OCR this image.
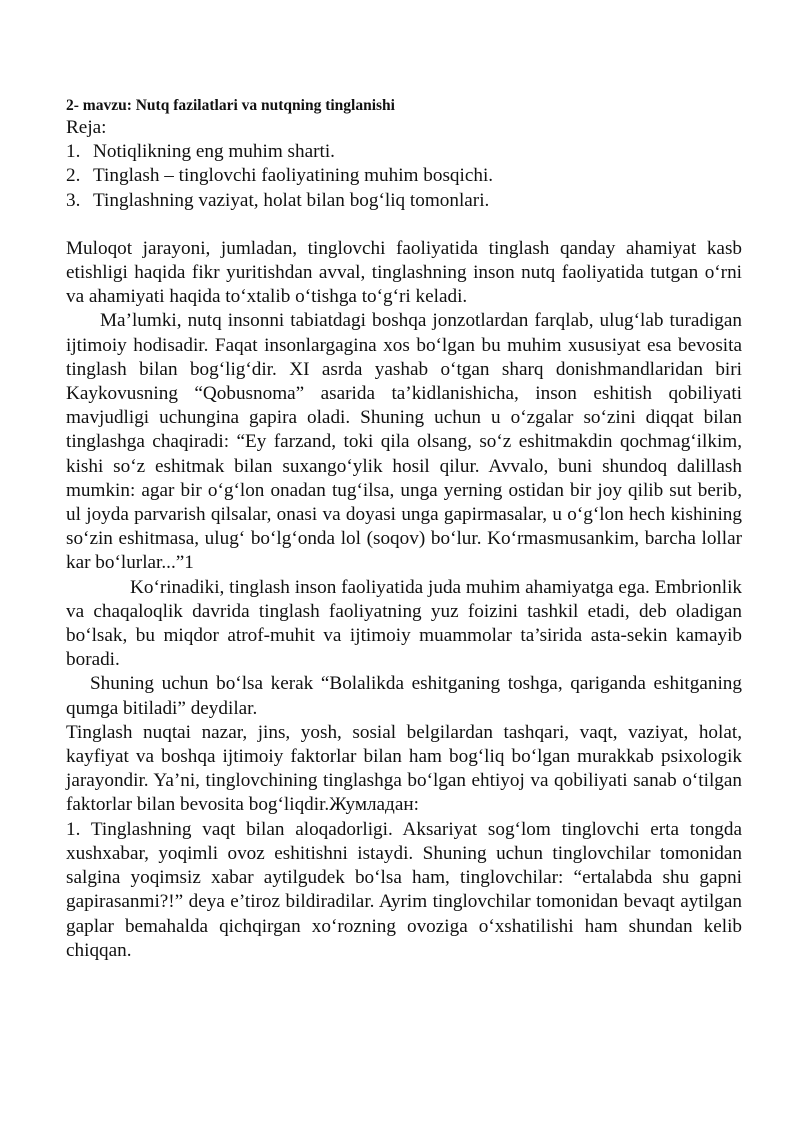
2- mavzu: Nutq fazilatlari va nutqning tinglanishi
Reja:
1. Notiqlikning eng muhim sharti.
2. Tinglash – tinglovchi faoliyatining muhim bosqichi.
3. Tinglashning vaziyat, holat bilan bog‘liq tomonlari.

Muloqot jarayoni, jumladan, tinglovchi faoliyatida tinglash qanday ahamiyat kasb etishligi haqida fikr yuritishdan avval, tinglashning inson nutq faoliyatida tutgan o‘rni va ahamiyati haqida to‘xtalib o‘tishga to‘g‘ri keladi.

Ma’lumki, nutq insonni tabiatdagi boshqa jonzotlardan farqlab, ulug‘lab turadigan ijtimoiy hodisadir. Faqat insonlargagina xos bo‘lgan bu muhim xususiyat esa bevosita tinglash bilan bog‘lig‘dir. XI asrda yashab o‘tgan sharq donishmandlaridan biri Kaykovusning “Qobusnoma” asarida ta’kidlanishicha, inson eshitish qobiliyati mavjudligi uchungina gapira oladi. Shuning uchun u o‘zgalar so‘zini diqqat bilan tinglashga chaqiradi: “Ey farzand, toki qila olsang, so‘z eshitmakdin qochmag‘ilkim, kishi so‘z eshitmak bilan suxango‘ylik hosil qilur. Avvalo, buni shundoq dalillash mumkin: agar bir o‘g‘lon onadan tug‘ilsa, unga yerning ostidan bir joy qilib sut berib, ul joyda parvarish qilsalar, onasi va doyasi unga gapirmasalar, u o‘g‘lon hech kishining so‘zin eshitmasa, ulug‘ bo‘lg‘onda lol (soqov) bo‘lur. Ko‘rmasmusankim, barcha lollar kar bo‘lurlar...”1

Ko‘rinadiki, tinglash inson faoliyatida juda muhim ahamiyatga ega. Embrionlik va chaqaloqlik davrida tinglash faoliyatning yuz foizini tashkil etadi, deb oladigan bo‘lsak, bu miqdor atrof-muhit va ijtimoiy muammolar ta’sirida asta-sekin kamayib boradi.

Shuning uchun bo‘lsa kerak “Bolalikda eshitganing toshga, qariganda eshitganing qumga bitiladi” deydilar.

Tinglash nuqtai nazar, jins, yosh, sosial belgilardan tashqari, vaqt, vaziyat, holat, kayfiyat va boshqa ijtimoiy faktorlar bilan ham bog‘liq bo‘lgan murakkab psixologik jarayondir. Ya’ni, tinglovchining tinglashga bo‘lgan ehtiyoj va qobiliyati sanab o‘tilgan faktorlar bilan bevosita bog‘liqdir.Жумладан:

1. Tinglashning vaqt bilan aloqadorligi. Aksariyat sog‘lom tinglovchi erta tongda xushxabar, yoqimli ovoz eshitishni istaydi. Shuning uchun tinglovchilar tomonidan salgina yoqimsiz xabar aytilgudek bo‘lsa ham, tinglovchilar: “ertalabda shu gapni gapirasanmi?!” deya e’tiroz bildiradilar. Ayrim tinglovchilar tomonidan bevaqt aytilgan gaplar bemahalda qichqirgan xo‘rozning ovoziga o‘xshatilishi ham shundan kelib chiqqan.
